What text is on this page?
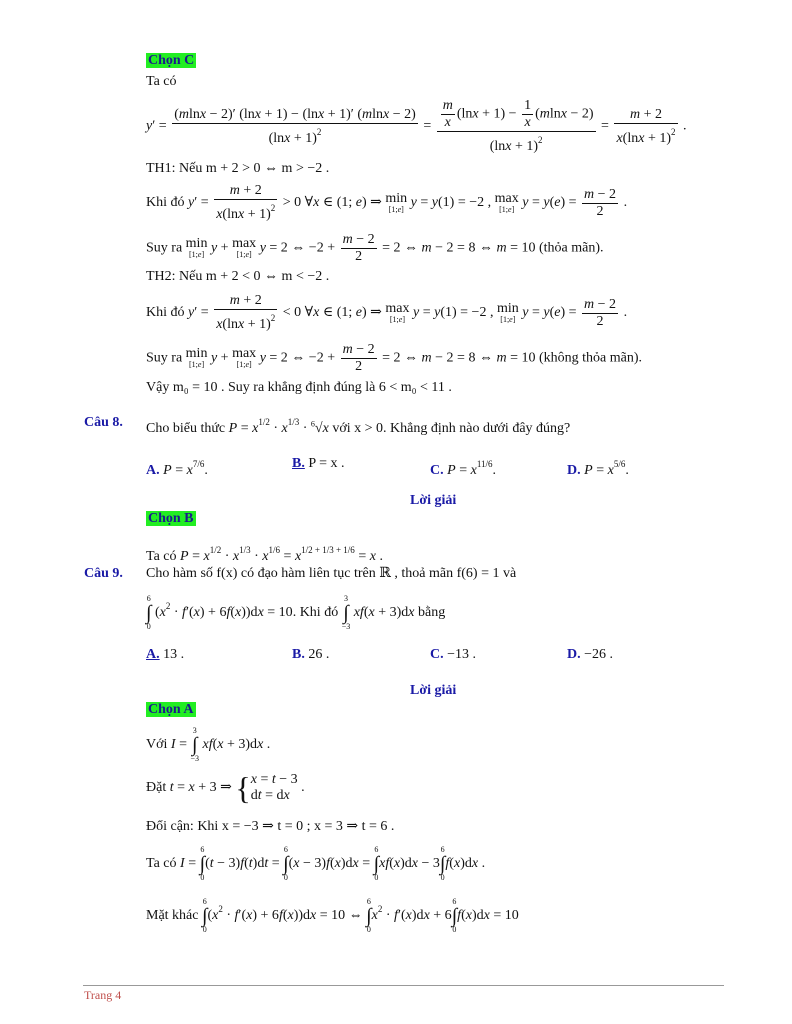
Chọn C
Ta có
$y' = \frac{(mlnx - 2)' (\ln x + 1) - (\ln x + 1)' (mlnx - 2)}{(\ln x + 1)^2} = \frac{\frac{m}{x} (\ln x + 1) - \frac{1}{x} (mlnx - 2)}{(\ln x + 1)^2} = \frac{m + 2}{x(\ln x + 1)^2}$ .
TH1: Nếu m + 2 > 0 ⇔ m > −2 .
Khi đó $y' = \frac{m + 2}{x(\ln x + 1)^2} > 0$ ∀x ∈ (1; e) ⇒ min
[1;e] y = y(1) = −2 , max
[1;e] $y = y(e) = \frac{m - 2}{2}$ .
Suy ra min
[1;e] y + max
[1;e] y = 2 ⇔ $-2 + \frac{m - 2}{2} = 2$ ⇔ m − 2 = 8 ⇔ m = 10 (thỏa mãn).
TH2: Nếu m + 2 < 0 ⇔ m < −2 .
Khi đó $y' = \frac{m + 2}{x(\ln x + 1)^2} < 0$ ∀x ∈ (1; e) ⇒ max
[1;e] y = y(1) = −2 , min
[1;e] $y = y(e) = \frac{m - 2}{2}$ .
Suy ra min
[1;e] y + max
[1;e] y = 2 ⇔ $-2 + \frac{m - 2}{2} = 2$ ⇔ m − 2 = 8 ⇔ m = 10 (không thỏa mãn).
Vậy m₀ = 10 . Suy ra khẳng định đúng là 6 < m₀ < 11 .
Câu 8. Cho biểu thức $P = x^{1/2} \cdot x^{1/3} \cdot ^6√x$ với x > 0. Khẳng định nào dưới đây đúng?
A. $P = x^{7/6}$.	B. P = x .	C. $P = x^{11/6}$.	D. $P = x^{5/6}$.
Lời giải
Chọn B
Ta có $P = x^{1/2} \cdot x^{1/3} \cdot x^{1/6} = x^{1/2 + 1/3 + 1/6} = x$ .
Câu 9. Cho hàm số f(x) có đạo hàm liên tục trên ℝ , thoả mãn f(6) = 1 và
6
∫
0 $(x^2 \cdot f'(x) + 6f(x))dx = 10$. Khi đó 3
∫
−3 xf(x + 3)dx bằng
A. 13 .	B. 26 .	C. −13 .	D. −26 .
Lời giải
Chọn A
Với I = 3
∫
−3 xf(x + 3)dx .
Đặt t = x + 3 ⇒ { x = t − 3
dt = dx
.
Đổi cận: Khi x = −3 ⇒ t = 0 ; x = 3 ⇒ t = 6 .
Ta có I = 6
∫
0(t − 3)f(t)dt = 6
∫
0(x − 3)f(x)dx = 6
∫
0xf(x)dx − 36
∫
0f(x)dx .
Mặt khác 6
∫
$0(x^2 \cdot f'(x) + 6f(x))dx = 10$ ⇔ 6
∫
$0x^2 \cdot f'(x)dx + 66$
∫
0f(x)dx = 10
Trang 4
